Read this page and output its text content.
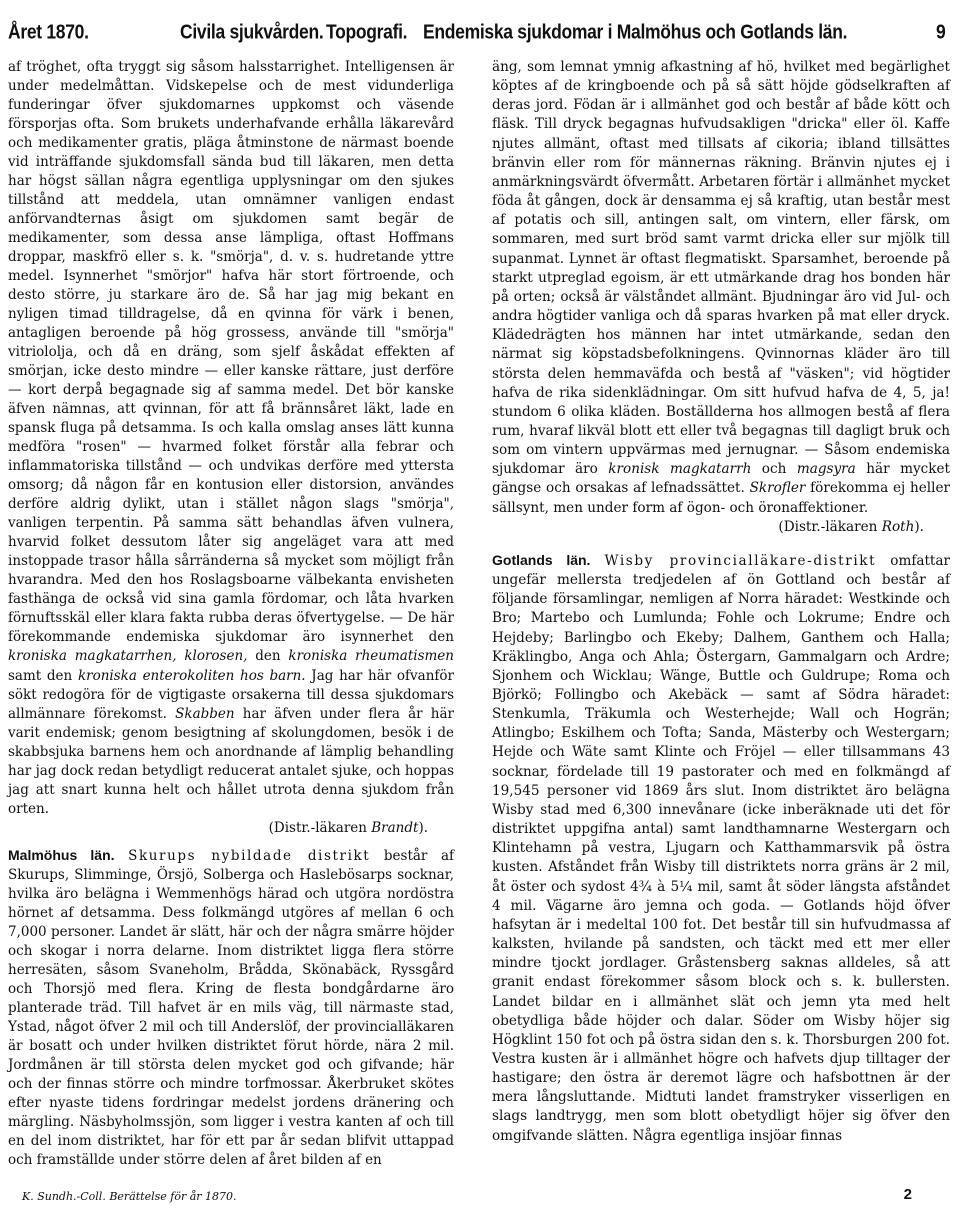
Året 1870.	Civila sjukvården. Topografi. Endemiska sjukdomar i Malmöhus och Gotlands län.	9

af tröghet, ofta tryggt sig såsom halsstarrighet. Intelligensen är under medelmåttan. Vidskepelse och de mest vidunderliga funderingar öfver sjukdomarnes uppkomst och väsende försporjas ofta. Som brukets underhafvande erhålla läkarevård och medikamenter gratis, pläga åtminstone de närmast boende vid inträffande sjukdomsfall sända bud till läkaren, men detta har högst sällan några egentliga upplysningar om den sjukes tillstånd att meddela, utan omnämner vanligen endast anförvandternas åsigt om sjukdomen samt begär de medikamenter, som dessa anse lämpliga, oftast Hoffmans droppar, maskfrö eller s. k. "smörja", d. v. s. hudretande yttre medel. Isynnerhet "smörjor" hafva här stort förtroende, och desto större, ju starkare äro de. Så har jag mig bekant en nyligen timad tilldragelse, då en qvinna för värk i benen, antagligen beroende på hög grossess, använde till "smörja" vitriololja, och då en dräng, som sjelf åskådat effekten af smörjan, icke desto mindre — eller kanske rättare, just derföre — kort derpå begagnade sig af samma medel. Det bör kanske äfven nämnas, att qvinnan, för att få brännsåret läkt, lade en spansk fluga på detsamma. Is och kalla omslag anses lätt kunna medföra "rosen" — hvarmed folket förstår alla febrar och inflammatoriska tillstånd — och undvikas derföre med yttersta omsorg; då någon får en kontusion eller distorsion, användes derföre aldrig dylikt, utan i stället någon slags "smörja", vanligen terpentin. På samma sätt behandlas äfven vulnera, hvarvid folket dessutom låter sig angeläget vara att med instoppade trasor hålla sårränderna så mycket som möjligt från hvarandra. Med den hos Roslagsboarne välbekanta envisheten fasthänga de också vid sina gamla fördomar, och låta hvarken förnuftsskäl eller klara fakta rubba deras öfvertygelse. — De här förekommande endemiska sjukdomar äro isynnerhet den kroniska magkatarrhen, klorosen, den kroniska rheumatismen samt den kroniska enterokoliten hos barn. Jag har här ofvanför sökt redogöra för de vigtigaste orsakerna till dessa sjukdomars allmännare förekomst. Skabben har äfven under flera år här varit endemisk; genom besigtning af skolungdomen, besök i de skabbsjuka barnens hem och anordnande af lämplig behandling har jag dock redan betydligt reducerat antalet sjuke, och hoppas jag att snart kunna helt och hållet utrota denna sjukdom från orten.

(Distr.-läkaren Brandt).

Malmöhus län. Skurups nybildade distrikt består af Skurups, Slimminge, Örsjö, Solberga och Haslebösarps socknar, hvilka äro belägna i Wemmenhögs härad och utgöra nordöstra hörnet af detsamma. Dess folkmängd utgöres af mellan 6 och 7,000 personer. Landet är slätt, här och der några smärre höjder och skogar i norra delarne. Inom distriktet ligga flera större herresäten, såsom Svaneholm, Brådda, Skönabäck, Ryssgård och Thorsjö med flera. Kring de flesta bondgårdarne äro planterade träd. Till hafvet är en mils väg, till närmaste stad, Ystad, något öfver 2 mil och till Anderslöf, der provincialläkaren är bosatt och under hvilken distriktet förut hörde, nära 2 mil. Jordmånen är till största delen mycket god och gifvande; här och der finnas större och mindre torfmossar. Åkerbruket skötes efter nyaste tidens fordringar medelst jordens dränering och märgling. Näsbyholmssjön, som ligger i vestra kanten af och till en del inom distriktet, har för ett par år sedan blifvit uttappad och framställde under större delen af året bilden af en

äng, som lemnat ymnig afkastning af hö, hvilket med begärlighet köptes af de kringboende och på så sätt höjde gödselkraften af deras jord. Födan är i allmänhet god och består af både kött och fläsk. Till dryck begagnas hufvudsakligen "dricka" eller öl. Kaffe njutes allmänt, oftast med tillsats af cikoria; ibland tillsättes bränvin eller rom för männernas räkning. Bränvin njutes ej i anmärkningsvärdt öfvermått. Arbetaren förtär i allmänhet mycket föda åt gången, dock är densamma ej så kraftig, utan består mest af potatis och sill, antingen salt, om vintern, eller färsk, om sommaren, med surt bröd samt varmt dricka eller sur mjölk till supanmat. Lynnet är oftast flegmatiskt. Sparsamhet, beroende på starkt utpreglad egoism, är ett utmärkande drag hos bonden här på orten; också är välståndet allmänt. Bjudningar äro vid Jul- och andra högtider vanliga och då sparas hvarken på mat eller dryck. Klädedrägten hos männen har intet utmärkande, sedan den närmat sig köpstadsbefolkningens. Qvinnornas kläder äro till största delen hemmaväfda och bestå af "väsken"; vid högtider hafva de rika sidenklädningar. Om sitt hufvud hafva de 4, 5, ja! stundom 6 olika kläden. Boställderna hos allmogen bestå af flera rum, hvaraf likväl blott ett eller två begagnas till dagligt bruk och som om vintern uppvärmas med jernugnar. — Såsom endemiska sjukdomar äro kronisk magkatarrh och magsyra här mycket gängse och orsakas af lefnadssättet. Skrofler förekomma ej heller sällsynt, men under form af ögon- och öronaffektioner.

(Distr.-läkaren Roth).

Gotlands län. Wisby provincialläkare-distrikt omfattar ungefär mellersta tredjedelen af ön Gottland och består af följande församlingar, nemligen af Norra häradet: Westkinde och Bro; Martebo och Lumlunda; Fohle och Lokrume; Endre och Hejdeby; Barlingbo och Ekeby; Dalhem, Ganthem och Halla; Kräklingbo, Anga och Ahla; Östergarn, Gammalgarn och Ardre; Sjonhem och Wicklau; Wänge, Buttle och Guldrupe; Roma och Björkö; Follingbo och Akebäck — samt af Södra häradet: Stenkumla, Träkumla och Westerhejde; Wall och Hogrän; Atlingbo; Eskilhem och Tofta; Sanda, Mästerby och Westergarn; Hejde och Wäte samt Klinte och Fröjel — eller tillsammans 43 socknar, fördelade till 19 pastorater och med en folkmängd af 19,545 personer vid 1869 års slut. Inom distriktet äro belägna Wisby stad med 6,300 innevånare (icke inberäknade uti det för distriktet uppgifna antal) samt landthamnarne Westergarn och Klintehamn på vestra, Ljugarn och Katthammarsvik på östra kusten. Afståndet från Wisby till distriktets norra gräns är 2 mil, åt öster och sydost 4¾ à 5¼ mil, samt åt söder längsta afståndet 4 mil. Vägarne äro jemna och goda. — Gotlands höjd öfver hafsytan är i medeltal 100 fot. Det består till sin hufvudmassa af kalksten, hvilande på sandsten, och täckt med ett mer eller mindre tjockt jordlager. Gråstensberg saknas alldeles, så att granit endast förekommer såsom block och s. k. bullersten. Landet bildar en i allmänhet slät och jemn yta med helt obetydliga både höjder och dalar. Söder om Wisby höjer sig Högklint 150 fot och på östra sidan den s. k. Thorsburgen 200 fot. Vestra kusten är i allmänhet högre och hafvets djup tilltager der hastigare; den östra är deremot lägre och hafsbottnen är der mera långsluttande. Midtuti landet framstryker visserligen en slags landtrygg, men som blott obetydligt höjer sig öfver den omgifvande slätten. Några egentliga insjöar finnas

K. Sundh.-Coll. Berättelse för år 1870.	2
